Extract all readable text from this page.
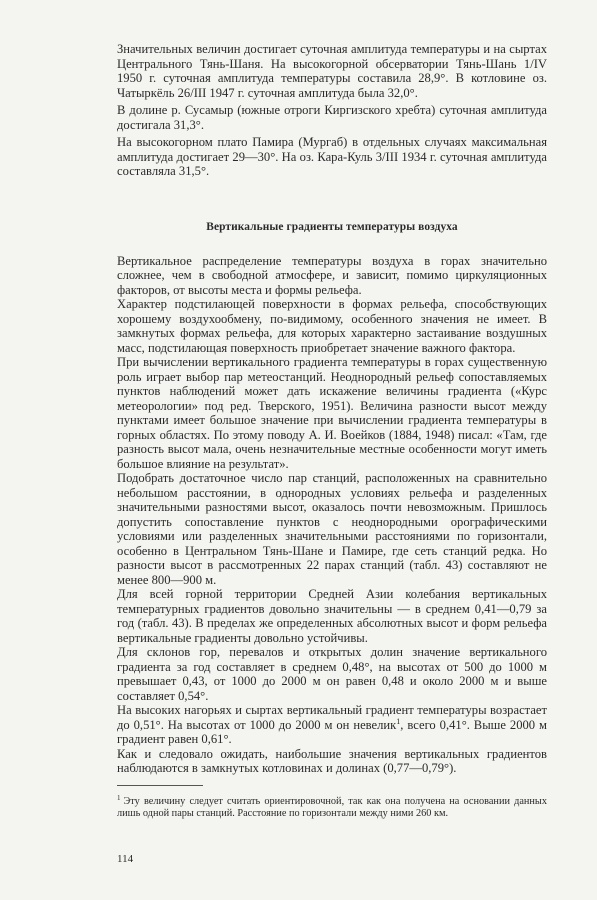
Значительных величин достигает суточная амплитуда температуры и на сыртах Центрального Тянь-Шаня. На высокогорной обсерватории Тянь-Шань 1/IV 1950 г. суточная амплитуда температуры составила 28,9°. В котловине оз. Чатыркёль 26/III 1947 г. суточная амплитуда была 32,0°.

В долине р. Сусамыр (южные отроги Киргизского хребта) суточная амплитуда достигала 31,3°.

На высокогорном плато Памира (Мургаб) в отдельных случаях максимальная амплитуда достигает 29—30°. На оз. Кара-Куль 3/III 1934 г. суточная амплитуда составляла 31,5°.

Вертикальные градиенты температуры воздуха

Вертикальное распределение температуры воздуха в горах значительно сложнее, чем в свободной атмосфере, и зависит, помимо циркуляционных факторов, от высоты места и формы рельефа.

Характер подстилающей поверхности в формах рельефа, способствующих хорошему воздухообмену, по-видимому, особенного значения не имеет. В замкнутых формах рельефа, для которых характерно застаивание воздушных масс, подстилающая поверхность приобретает значение важного фактора.

При вычислении вертикального градиента температуры в горах существенную роль играет выбор пар метеостанций. Неоднородный рельеф сопоставляемых пунктов наблюдений может дать искажение величины градиента («Курс метеорологии» под ред. Тверского, 1951). Величина разности высот между пунктами имеет большое значение при вычислении градиента температуры в горных областях. По этому поводу А. И. Воейков (1884, 1948) писал: «Там, где разность высот мала, очень незначительные местные особенности могут иметь большое влияние на результат».

Подобрать достаточное число пар станций, расположенных на сравнительно небольшом расстоянии, в однородных условиях рельефа и разделенных значительными разностями высот, оказалось почти невозможным. Пришлось допустить сопоставление пунктов с неоднородными орографическими условиями или разделенных значительными расстояниями по горизонтали, особенно в Центральном Тянь-Шане и Памире, где сеть станций редка. Но разности высот в рассмотренных 22 парах станций (табл. 43) составляют не менее 800—900 м.

Для всей горной территории Средней Азии колебания вертикальных температурных градиентов довольно значительны — в среднем 0,41—0,79 за год (табл. 43). В пределах же определенных абсолютных высот и форм рельефа вертикальные градиенты довольно устойчивы.

Для склонов гор, перевалов и открытых долин значение вертикального градиента за год составляет в среднем 0,48°, на высотах от 500 до 1000 м превышает 0,43, от 1000 до 2000 м он равен 0,48 и около 2000 м и выше составляет 0,54°.

На высоких нагорьях и сыртах вертикальный градиент температуры возрастает до 0,51°. На высотах от 1000 до 2000 м он невелик$^1$, всего 0,41°. Выше 2000 м градиент равен 0,61°.

Как и следовало ожидать, наибольшие значения вертикальных градиентов наблюдаются в замкнутых котловинах и долинах (0,77—0,79°).

$^1$ Эту величину следует считать ориентировочной, так как она получена на основании данных лишь одной пары станций. Расстояние по горизонтали между ними 260 км.

114
